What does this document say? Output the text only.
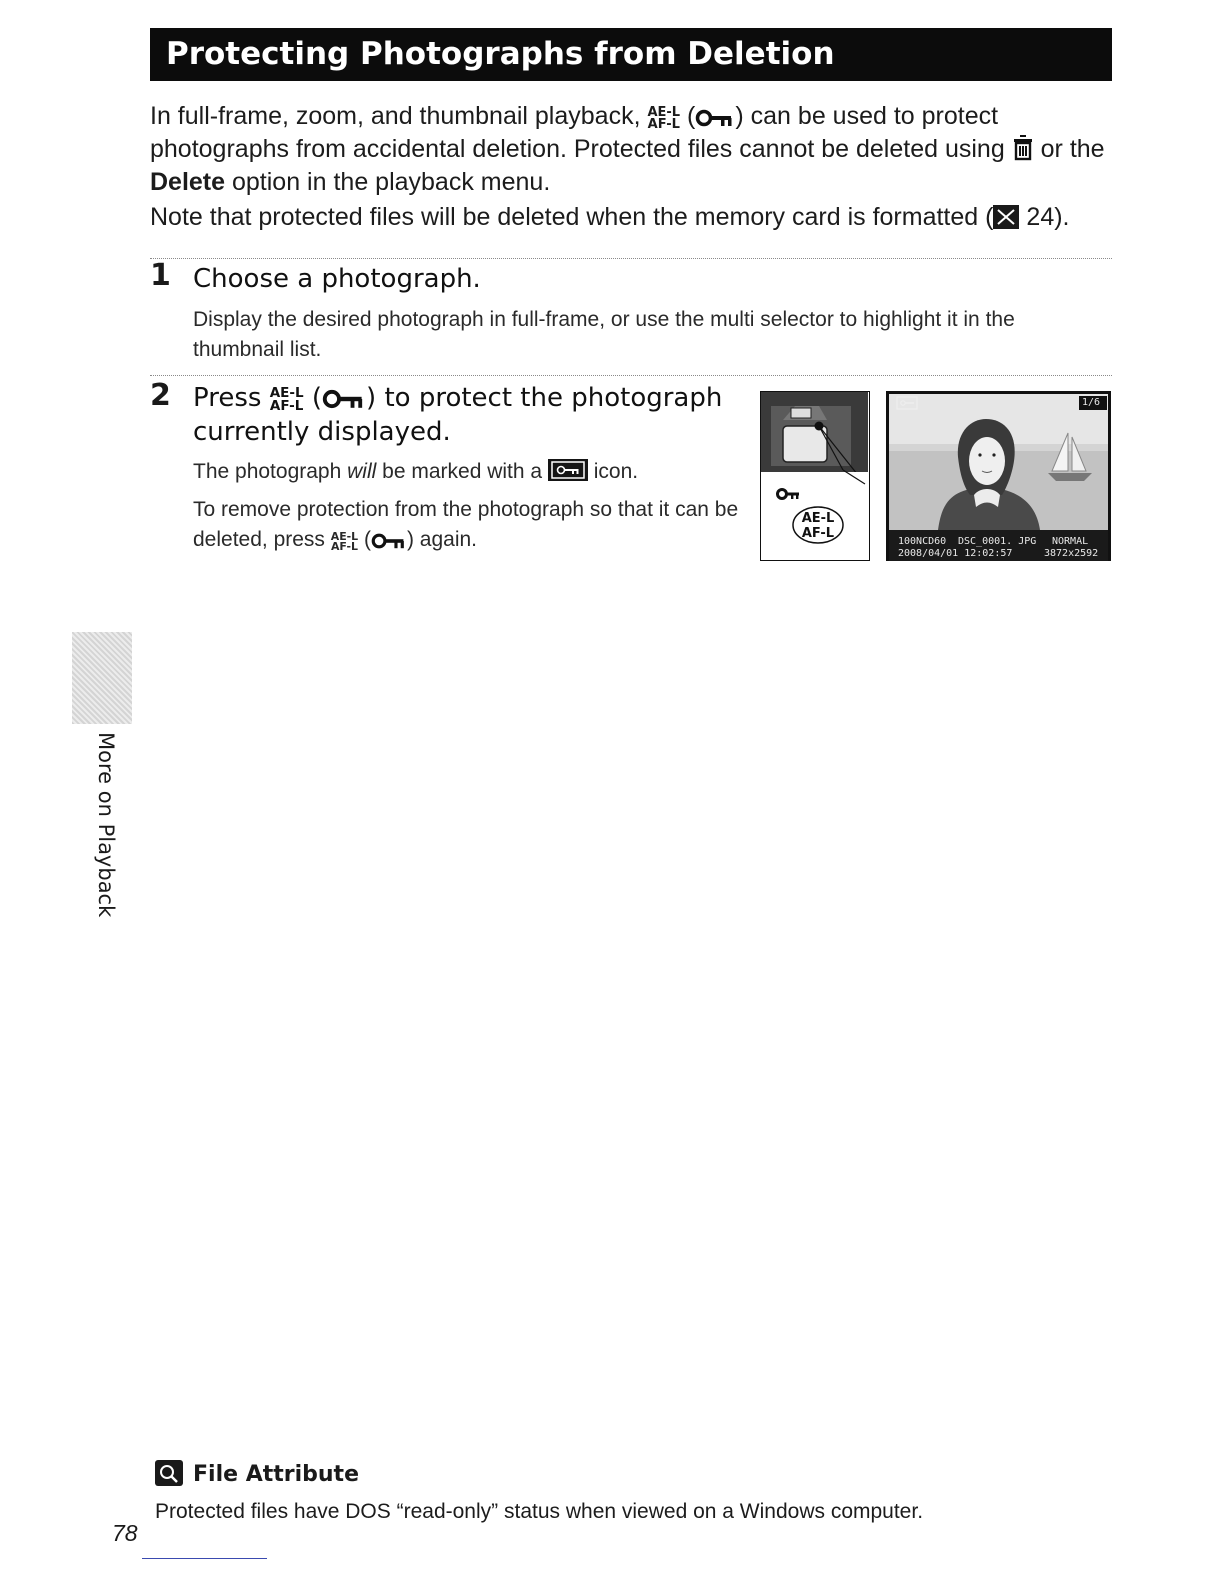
Protecting Photographs from Deletion
In full-frame, zoom, and thumbnail playback, AE-L
AF-L ( ) can be used to protect photographs from accidental deletion. Protected files cannot be deleted using or the Delete option in the playback menu.
Note that protected files will be deleted when the memory card is formatted ( 24).
1 Choose a photograph.
Display the desired photograph in full-frame, or use the multi selector to highlight it in the thumbnail list.
2 Press AE-L
AF-L ( ) to protect the photograph currently displayed.
The photograph will be marked with a icon.
To remove protection from the photograph so that it can be deleted, press AE-L
AF-L ( ) again.
AE-L
AF-L
1/6
100NCD60 DSC_0001. JPG NORMAL
2008/04/01 12:02:57	3872x2592
More on Playback
File Attribute
Protected files have DOS “read-only” status when viewed on a Windows computer.
78
